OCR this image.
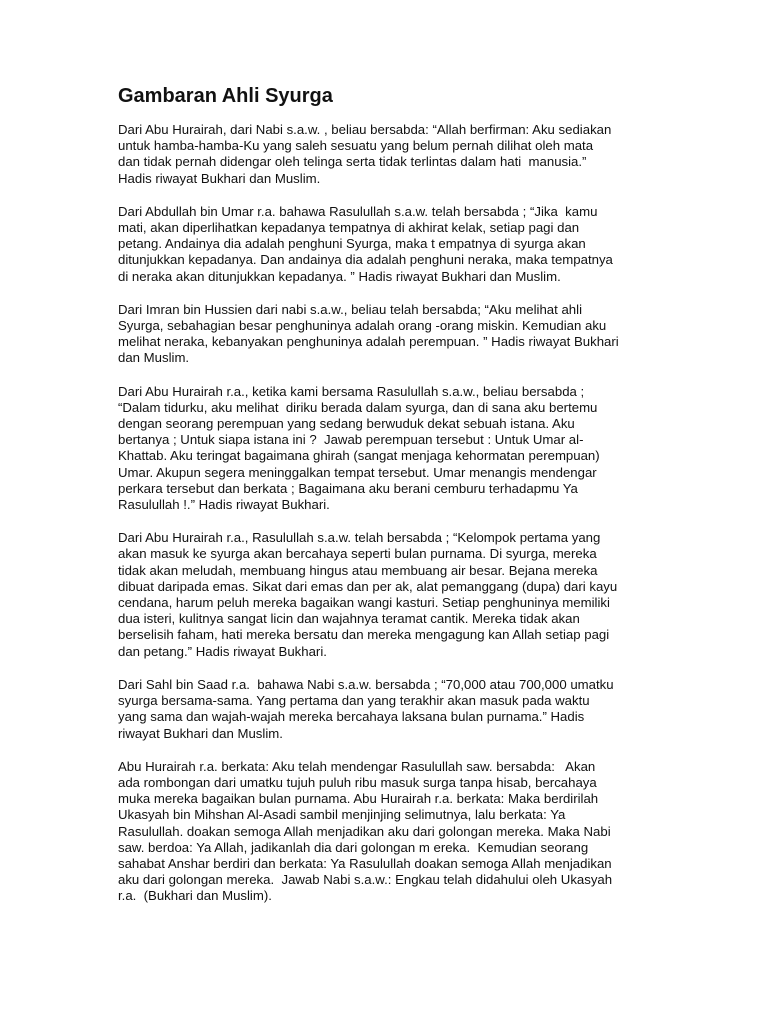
Gambaran Ahli Syurga

Dari Abu Hurairah, dari Nabi s.a.w. , beliau bersabda: “Allah berfirman: Aku sediakan
untuk hamba-hamba-Ku yang saleh sesuatu yang belum pernah dilihat oleh mata
dan tidak pernah didengar oleh telinga serta tidak terlintas dalam hati  manusia.”
Hadis riwayat Bukhari dan Muslim.

Dari Abdullah bin Umar r.a. bahawa Rasulullah s.a.w. telah bersabda ; “Jika  kamu
mati, akan diperlihatkan kepadanya tempatnya di akhirat kelak, setiap pagi dan
petang. Andainya dia adalah penghuni Syurga, maka t empatnya di syurga akan
ditunjukkan kepadanya. Dan andainya dia adalah penghuni neraka, maka tempatnya
di neraka akan ditunjukkan kepadanya. ” Hadis riwayat Bukhari dan Muslim.

Dari Imran bin Hussien dari nabi s.a.w., beliau telah bersabda; “Aku melihat ahli
Syurga, sebahagian besar penghuninya adalah orang -orang miskin. Kemudian aku
melihat neraka, kebanyakan penghuninya adalah perempuan. ” Hadis riwayat Bukhari
dan Muslim.

Dari Abu Hurairah r.a., ketika kami bersama Rasulullah s.a.w., beliau bersabda ;
“Dalam tidurku, aku melihat  diriku berada dalam syurga, dan di sana aku bertemu
dengan seorang perempuan yang sedang berwuduk dekat sebuah istana. Aku
bertanya ; Untuk siapa istana ini ?  Jawab perempuan tersebut : Untuk Umar al-
Khattab. Aku teringat bagaimana ghirah (sangat menjaga kehormatan perempuan)
Umar. Akupun segera meninggalkan tempat tersebut. Umar menangis mendengar
perkara tersebut dan berkata ; Bagaimana aku berani cemburu terhadapmu Ya
Rasulullah !.” Hadis riwayat Bukhari.

Dari Abu Hurairah r.a., Rasulullah s.a.w. telah bersabda ; “Kelompok pertama yang
akan masuk ke syurga akan bercahaya seperti bulan purnama. Di syurga, mereka
tidak akan meludah, membuang hingus atau membuang air besar. Bejana mereka
dibuat daripada emas. Sikat dari emas dan per ak, alat pemanggang (dupa) dari kayu
cendana, harum peluh mereka bagaikan wangi kasturi. Setiap penghuninya memiliki
dua isteri, kulitnya sangat licin dan wajahnya teramat cantik. Mereka tidak akan
berselisih faham, hati mereka bersatu dan mereka mengagung kan Allah setiap pagi
dan petang.” Hadis riwayat Bukhari.

Dari Sahl bin Saad r.a.  bahawa Nabi s.a.w. bersabda ; “70,000 atau 700,000 umatku
syurga bersama-sama. Yang pertama dan yang terakhir akan masuk pada waktu
yang sama dan wajah-wajah mereka bercahaya laksana bulan purnama.” Hadis
riwayat Bukhari dan Muslim.

Abu Hurairah r.a. berkata: Aku telah mendengar Rasulullah saw. bersabda:   Akan
ada rombongan dari umatku tujuh puluh ribu masuk surga tanpa hisab, bercahaya
muka mereka bagaikan bulan purnama. Abu Hurairah r.a. berkata: Maka berdirilah
Ukasyah bin Mihshan Al-Asadi sambil menjinjing selimutnya, lalu berkata: Ya
Rasulullah. doakan semoga Allah menjadikan aku dari golongan mereka. Maka Nabi
saw. berdoa: Ya Allah, jadikanlah dia dari golongan m ereka.  Kemudian seorang
sahabat Anshar berdiri dan berkata: Ya Rasulullah doakan semoga Allah menjadikan
aku dari golongan mereka.  Jawab Nabi s.a.w.: Engkau telah didahului oleh Ukasyah
r.a.  (Bukhari dan Muslim).
